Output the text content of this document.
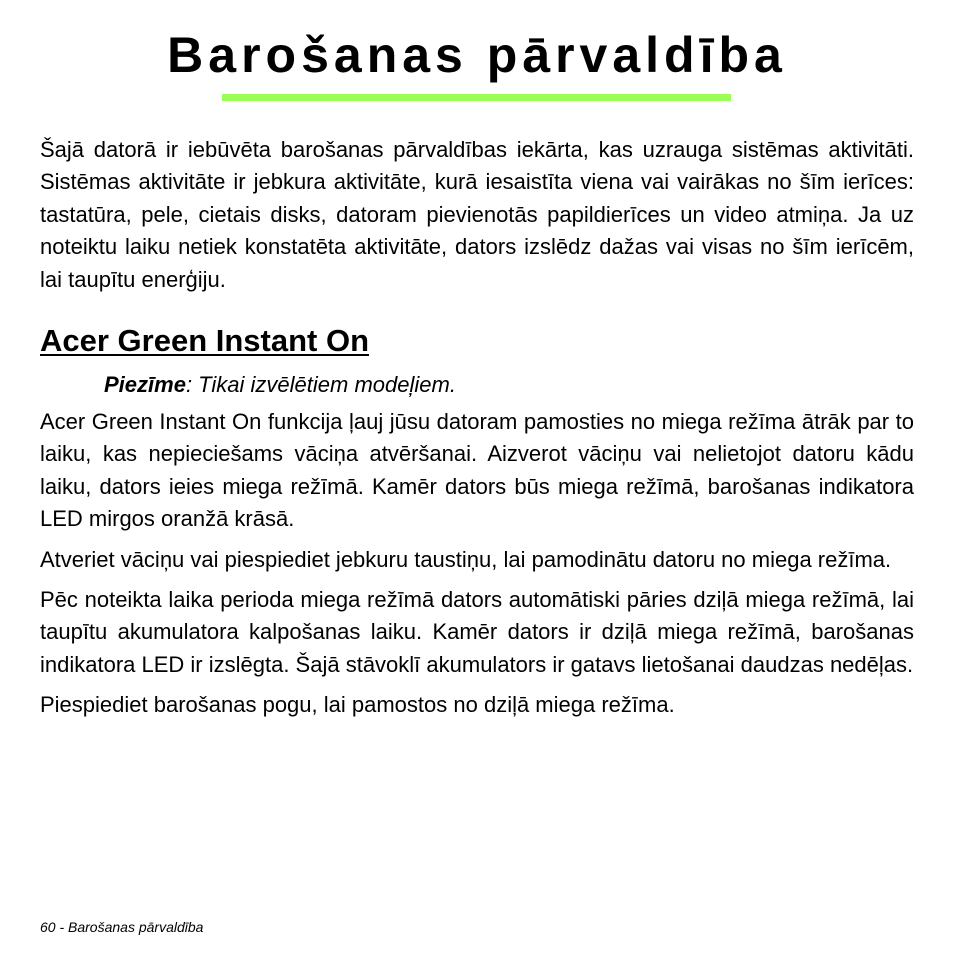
Barošanas pārvaldība

Šajā datorā ir iebūvēta barošanas pārvaldības iekārta, kas uzrauga sistēmas aktivitāti. Sistēmas aktivitāte ir jebkura aktivitāte, kurā iesaistīta viena vai vairākas no šīm ierīces: tastatūra, pele, cietais disks, datoram pievienotās papildierīces un video atmiņa. Ja uz noteiktu laiku netiek konstatēta aktivitāte, dators izslēdz dažas vai visas no šīm ierīcēm, lai taupītu enerģiju.

Acer Green Instant On

Piezīme: Tikai izvēlētiem modeļiem.

Acer Green Instant On funkcija ļauj jūsu datoram pamosties no miega režīma ātrāk par to laiku, kas nepieciešams vāciņa atvēršanai. Aizverot vāciņu vai nelietojot datoru kādu laiku, dators ieies miega režīmā. Kamēr dators būs miega režīmā, barošanas indikatora LED mirgos oranžā krāsā.

Atveriet vāciņu vai piespiediet jebkuru taustiņu, lai pamodinātu datoru no miega režīma.

Pēc noteikta laika perioda miega režīmā dators automātiski pāries dziļā miega režīmā, lai taupītu akumulatora kalpošanas laiku. Kamēr dators ir dziļā miega režīmā, barošanas indikatora LED ir izslēgta. Šajā stāvoklī akumulators ir gatavs lietošanai daudzas nedēļas.

Piespiediet barošanas pogu, lai pamostos no dziļā miega režīma.

60 - Barošanas pārvaldība
